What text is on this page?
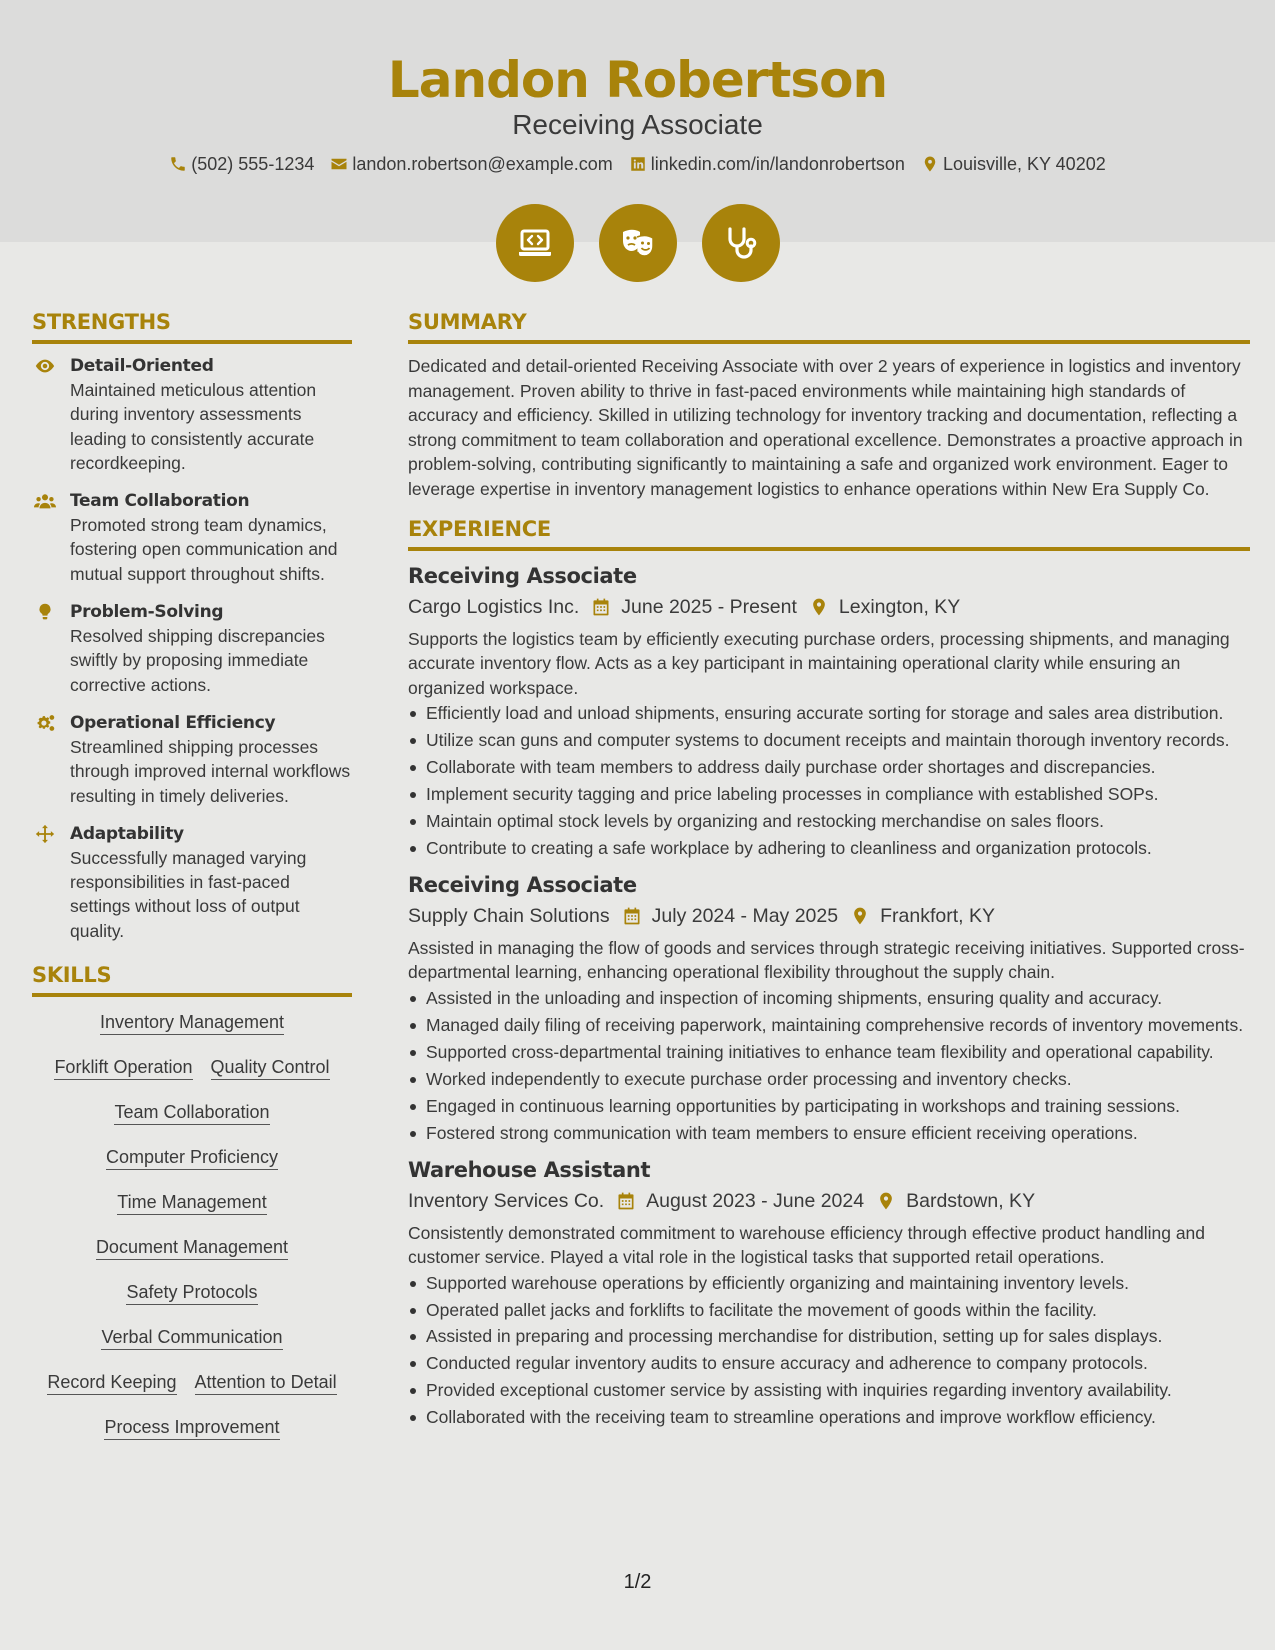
Landon Robertson
Receiving Associate
(502) 555-1234 landon.robertson@example.com linkedin.com/in/landonrobertson Louisville, KY 40202
STRENGTHS
Detail-Oriented
Maintained meticulous attention during inventory assessments leading to consistently accurate recordkeeping.
Team Collaboration
Promoted strong team dynamics, fostering open communication and mutual support throughout shifts.
Problem-Solving
Resolved shipping discrepancies swiftly by proposing immediate corrective actions.
Operational Efficiency
Streamlined shipping processes through improved internal workflows resulting in timely deliveries.
Adaptability
Successfully managed varying responsibilities in fast-paced settings without loss of output quality.
SKILLS
Inventory Management
Forklift Operation Quality Control
Team Collaboration
Computer Proficiency
Time Management
Document Management
Safety Protocols
Verbal Communication
Record Keeping Attention to Detail
Process Improvement
SUMMARY
Dedicated and detail-oriented Receiving Associate with over 2 years of experience in logistics and inventory management. Proven ability to thrive in fast-paced environments while maintaining high standards of accuracy and efficiency. Skilled in utilizing technology for inventory tracking and documentation, reflecting a strong commitment to team collaboration and operational excellence. Demonstrates a proactive approach in problem-solving, contributing significantly to maintaining a safe and organized work environment. Eager to leverage expertise in inventory management logistics to enhance operations within New Era Supply Co.
EXPERIENCE
Receiving Associate
Cargo Logistics Inc. June 2025 - Present Lexington, KY
Supports the logistics team by efficiently executing purchase orders, processing shipments, and managing accurate inventory flow. Acts as a key participant in maintaining operational clarity while ensuring an organized workspace.
Efficiently load and unload shipments, ensuring accurate sorting for storage and sales area distribution.
Utilize scan guns and computer systems to document receipts and maintain thorough inventory records.
Collaborate with team members to address daily purchase order shortages and discrepancies.
Implement security tagging and price labeling processes in compliance with established SOPs.
Maintain optimal stock levels by organizing and restocking merchandise on sales floors.
Contribute to creating a safe workplace by adhering to cleanliness and organization protocols.
Receiving Associate
Supply Chain Solutions July 2024 - May 2025 Frankfort, KY
Assisted in managing the flow of goods and services through strategic receiving initiatives. Supported cross-departmental learning, enhancing operational flexibility throughout the supply chain.
Assisted in the unloading and inspection of incoming shipments, ensuring quality and accuracy.
Managed daily filing of receiving paperwork, maintaining comprehensive records of inventory movements.
Supported cross-departmental training initiatives to enhance team flexibility and operational capability.
Worked independently to execute purchase order processing and inventory checks.
Engaged in continuous learning opportunities by participating in workshops and training sessions.
Fostered strong communication with team members to ensure efficient receiving operations.
Warehouse Assistant
Inventory Services Co. August 2023 - June 2024 Bardstown, KY
Consistently demonstrated commitment to warehouse efficiency through effective product handling and customer service. Played a vital role in the logistical tasks that supported retail operations.
Supported warehouse operations by efficiently organizing and maintaining inventory levels.
Operated pallet jacks and forklifts to facilitate the movement of goods within the facility.
Assisted in preparing and processing merchandise for distribution, setting up for sales displays.
Conducted regular inventory audits to ensure accuracy and adherence to company protocols.
Provided exceptional customer service by assisting with inquiries regarding inventory availability.
Collaborated with the receiving team to streamline operations and improve workflow efficiency.
1/2
